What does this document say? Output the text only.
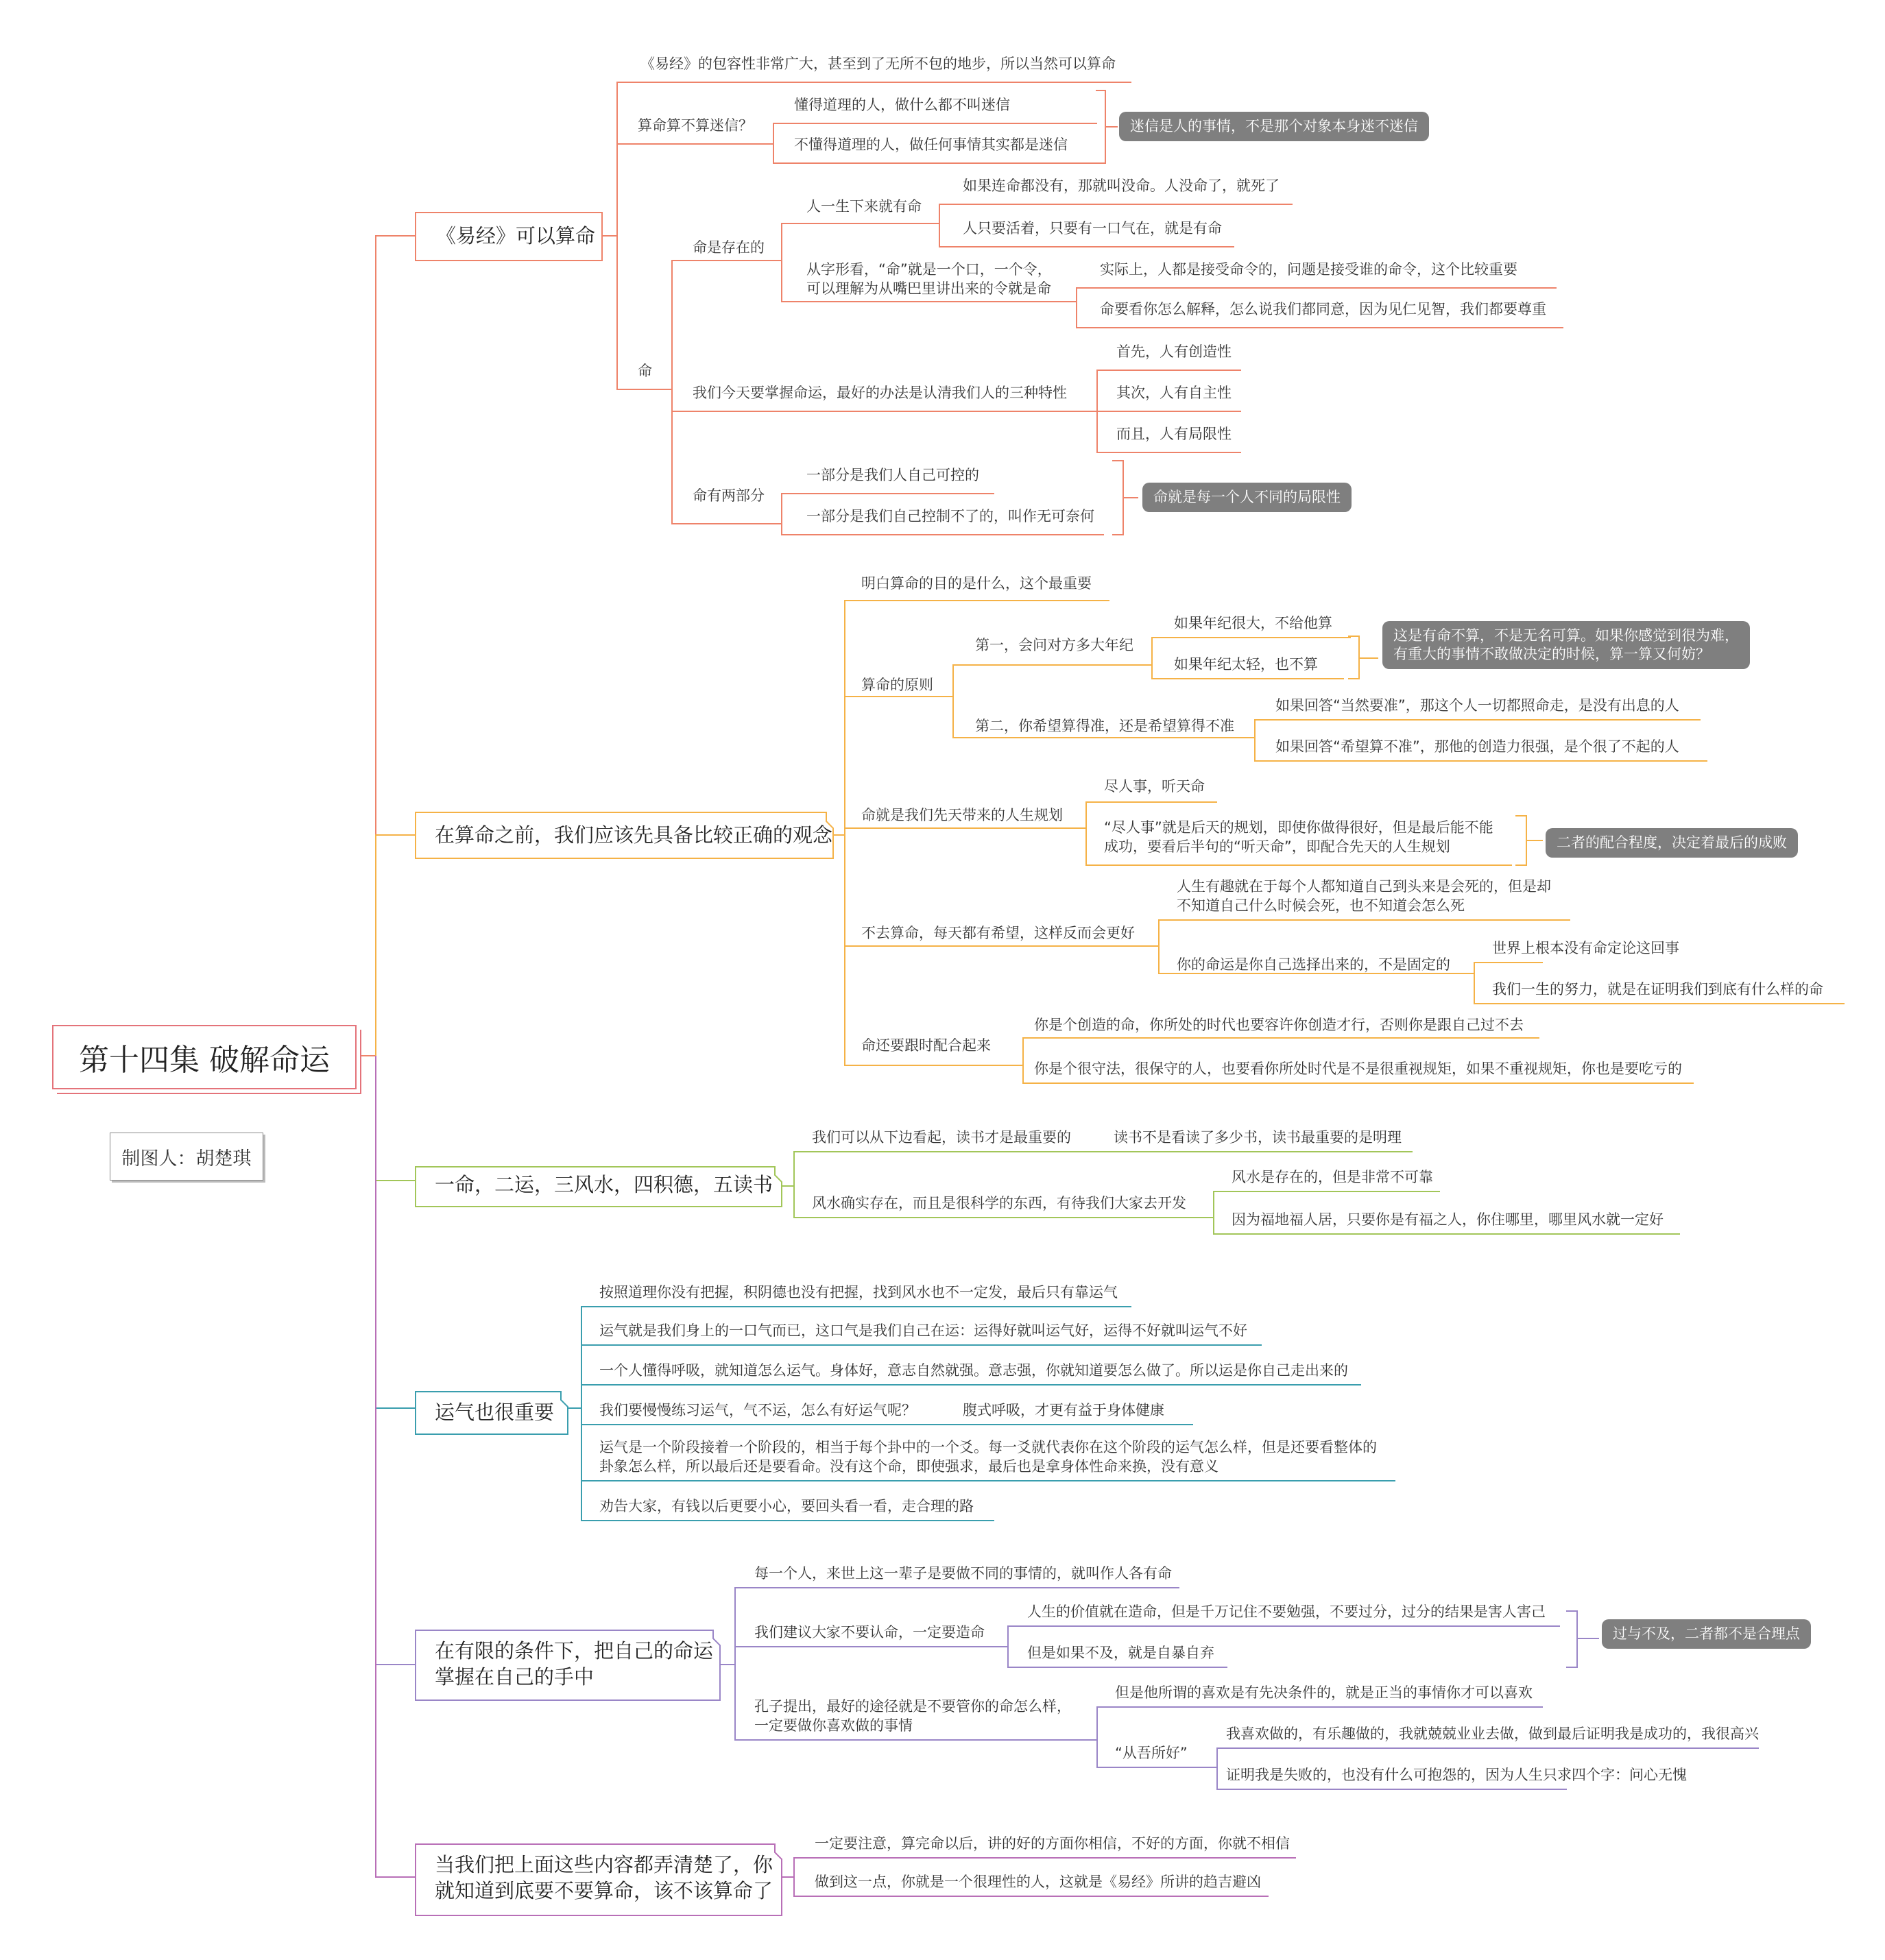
第十四集 破解命运
制图人：胡楚琪
《易经》可以算命
《易经》的包容性非常广大，甚至到了无所不包的地步，所以当然可以算命
算命算不算迷信？
懂得道理的人，做什么都不叫迷信
不懂得道理的人，做任何事情其实都是迷信
迷信是人的事情，不是那个对象本身迷不迷信
命
命是存在的
人一生下来就有命
如果连命都没有，那就叫没命。人没命了，就死了
人只要活着，只要有一口气在，就是有命
从字形看，“命”就是一个口，一个令，
可以理解为从嘴巴里讲出来的令就是命
实际上，人都是接受命令的，问题是接受谁的命令，这个比较重要
命要看你怎么解释，怎么说我们都同意，因为见仁见智，我们都要尊重
我们今天要掌握命运，最好的办法是认清我们人的三种特性
首先，人有创造性
其次，人有自主性
而且，人有局限性
命有两部分
一部分是我们人自己可控的
一部分是我们自己控制不了的，叫作无可奈何
命就是每一个人不同的局限性
在算命之前，我们应该先具备比较正确的观念
明白算命的目的是什么，这个最重要
算命的原则
第一，会问对方多大年纪
如果年纪很大，不给他算
如果年纪太轻，也不算
这是有命不算，不是无名可算。如果你感觉到很为难，
有重大的事情不敢做决定的时候，算一算又何妨？
第二，你希望算得准，还是希望算得不准
如果回答“当然要准”，那这个人一切都照命走，是没有出息的人
如果回答“希望算不准”，那他的创造力很强，是个很了不起的人
命就是我们先天带来的人生规划
尽人事，听天命
“尽人事”就是后天的规划，即使你做得很好，但是最后能不能
成功，要看后半句的“听天命”，即配合先天的人生规划	二者的配合程度，决定着最后的成败
不去算命，每天都有希望，这样反而会更好
人生有趣就在于每个人都知道自己到头来是会死的，但是却
不知道自己什么时候会死，也不知道会怎么死
你的命运是你自己选择出来的，不是固定的
世界上根本没有命定论这回事
我们一生的努力，就是在证明我们到底有什么样的命
命还要跟时配合起来
你是个创造的命，你所处的时代也要容许你创造才行，否则你是跟自己过不去
你是个很守法，很保守的人，也要看你所处时代是不是很重视规矩，如果不重视规矩，你也是要吃亏的
一命，二运，三风水，四积德，五读书
我们可以从下边看起，读书才是最重要的	读书不是看读了多少书，读书最重要的是明理
风水确实存在，而且是很科学的东西，有待我们大家去开发
风水是存在的，但是非常不可靠
因为福地福人居，只要你是有福之人，你住哪里，哪里风水就一定好
运气也很重要
按照道理你没有把握，积阴德也没有把握，找到风水也不一定发，最后只有靠运气
运气就是我们身上的一口气而已，这口气是我们自己在运：运得好就叫运气好，运得不好就叫运气不好
一个人懂得呼吸，就知道怎么运气。身体好，意志自然就强。意志强，你就知道要怎么做了。所以运是你自己走出来的
我们要慢慢练习运气，气不运，怎么有好运气呢？	腹式呼吸，才更有益于身体健康
运气是一个阶段接着一个阶段的，相当于每个卦中的一个爻。每一爻就代表你在这个阶段的运气怎么样，但是还要看整体的
卦象怎么样，所以最后还是要看命。没有这个命，即使强求，最后也是拿身体性命来换，没有意义
劝告大家，有钱以后更要小心，要回头看一看，走合理的路
在有限的条件下，把自己的命运
掌握在自己的手中
每一个人，来世上这一辈子是要做不同的事情的，就叫作人各有命
我们建议大家不要认命，一定要造命
人生的价值就在造命，但是千万记住不要勉强，不要过分，过分的结果是害人害己
但是如果不及，就是自暴自弃
过与不及，二者都不是合理点
孔子提出，最好的途径就是不要管你的命怎么样，
一定要做你喜欢做的事情
但是他所谓的喜欢是有先决条件的，就是正当的事情你才可以喜欢
“从吾所好”
我喜欢做的，有乐趣做的，我就兢兢业业去做，做到最后证明我是成功的，我很高兴
证明我是失败的，也没有什么可抱怨的，因为人生只求四个字：问心无愧
当我们把上面这些内容都弄清楚了，你
就知道到底要不要算命，该不该算命了
一定要注意，算完命以后，讲的好的方面你相信，不好的方面，你就不相信
做到这一点，你就是一个很理性的人，这就是《易经》所讲的趋吉避凶
